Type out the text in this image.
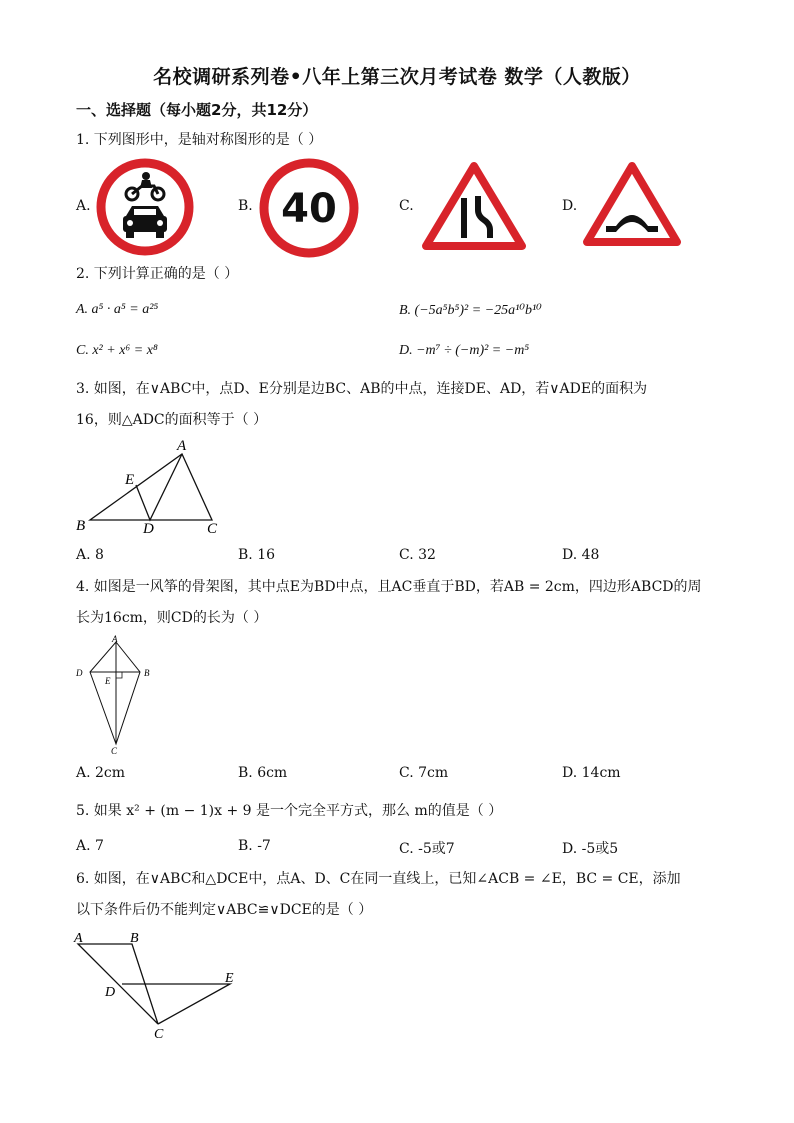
名校调研系列卷•八年上第三次月考试卷 数学（人教版）
一、选择题（每小题2分，共12分）
1. 下列图形中，是轴对称图形的是（ ）
A.	B.	C.	D.
40
2. 下列计算正确的是（ ）
A. a⁵ · a⁵ = a²⁵	B. (−5a⁵b⁵)² = −25a¹⁰b¹⁰
C. x² + x⁶ = x⁸	D. −m⁷ ÷ (−m)² = −m⁵
3. 如图，在∨ABC中，点D、E分别是边BC、AB的中点，连接DE、AD，若∨ADE的面积为
16，则△ADC的面积等于（ ）
A
B	C
D
E
A. 8	B. 16	C. 32	D. 48
4. 如图是一风筝的骨架图，其中点E为BD中点，且AC垂直于BD，若AB = 2cm，四边形ABCD的周
长为16cm，则CD的长为（ ）
A
B
C
D
E
A. 2cm	B. 6cm	C. 7cm	D. 14cm
5. 如果 x² + (m − 1)x + 9 是一个完全平方式，那么 m的值是（ ）
A. 7	B. -7	C. -5或7	D. -5或5
6. 如图，在∨ABC和△DCE中，点A、D、C在同一直线上，已知∠ACB = ∠E，BC = CE，添加
以下条件后仍不能判定∨ABC≌∨DCE的是（ ）
A	B
C
D
E
